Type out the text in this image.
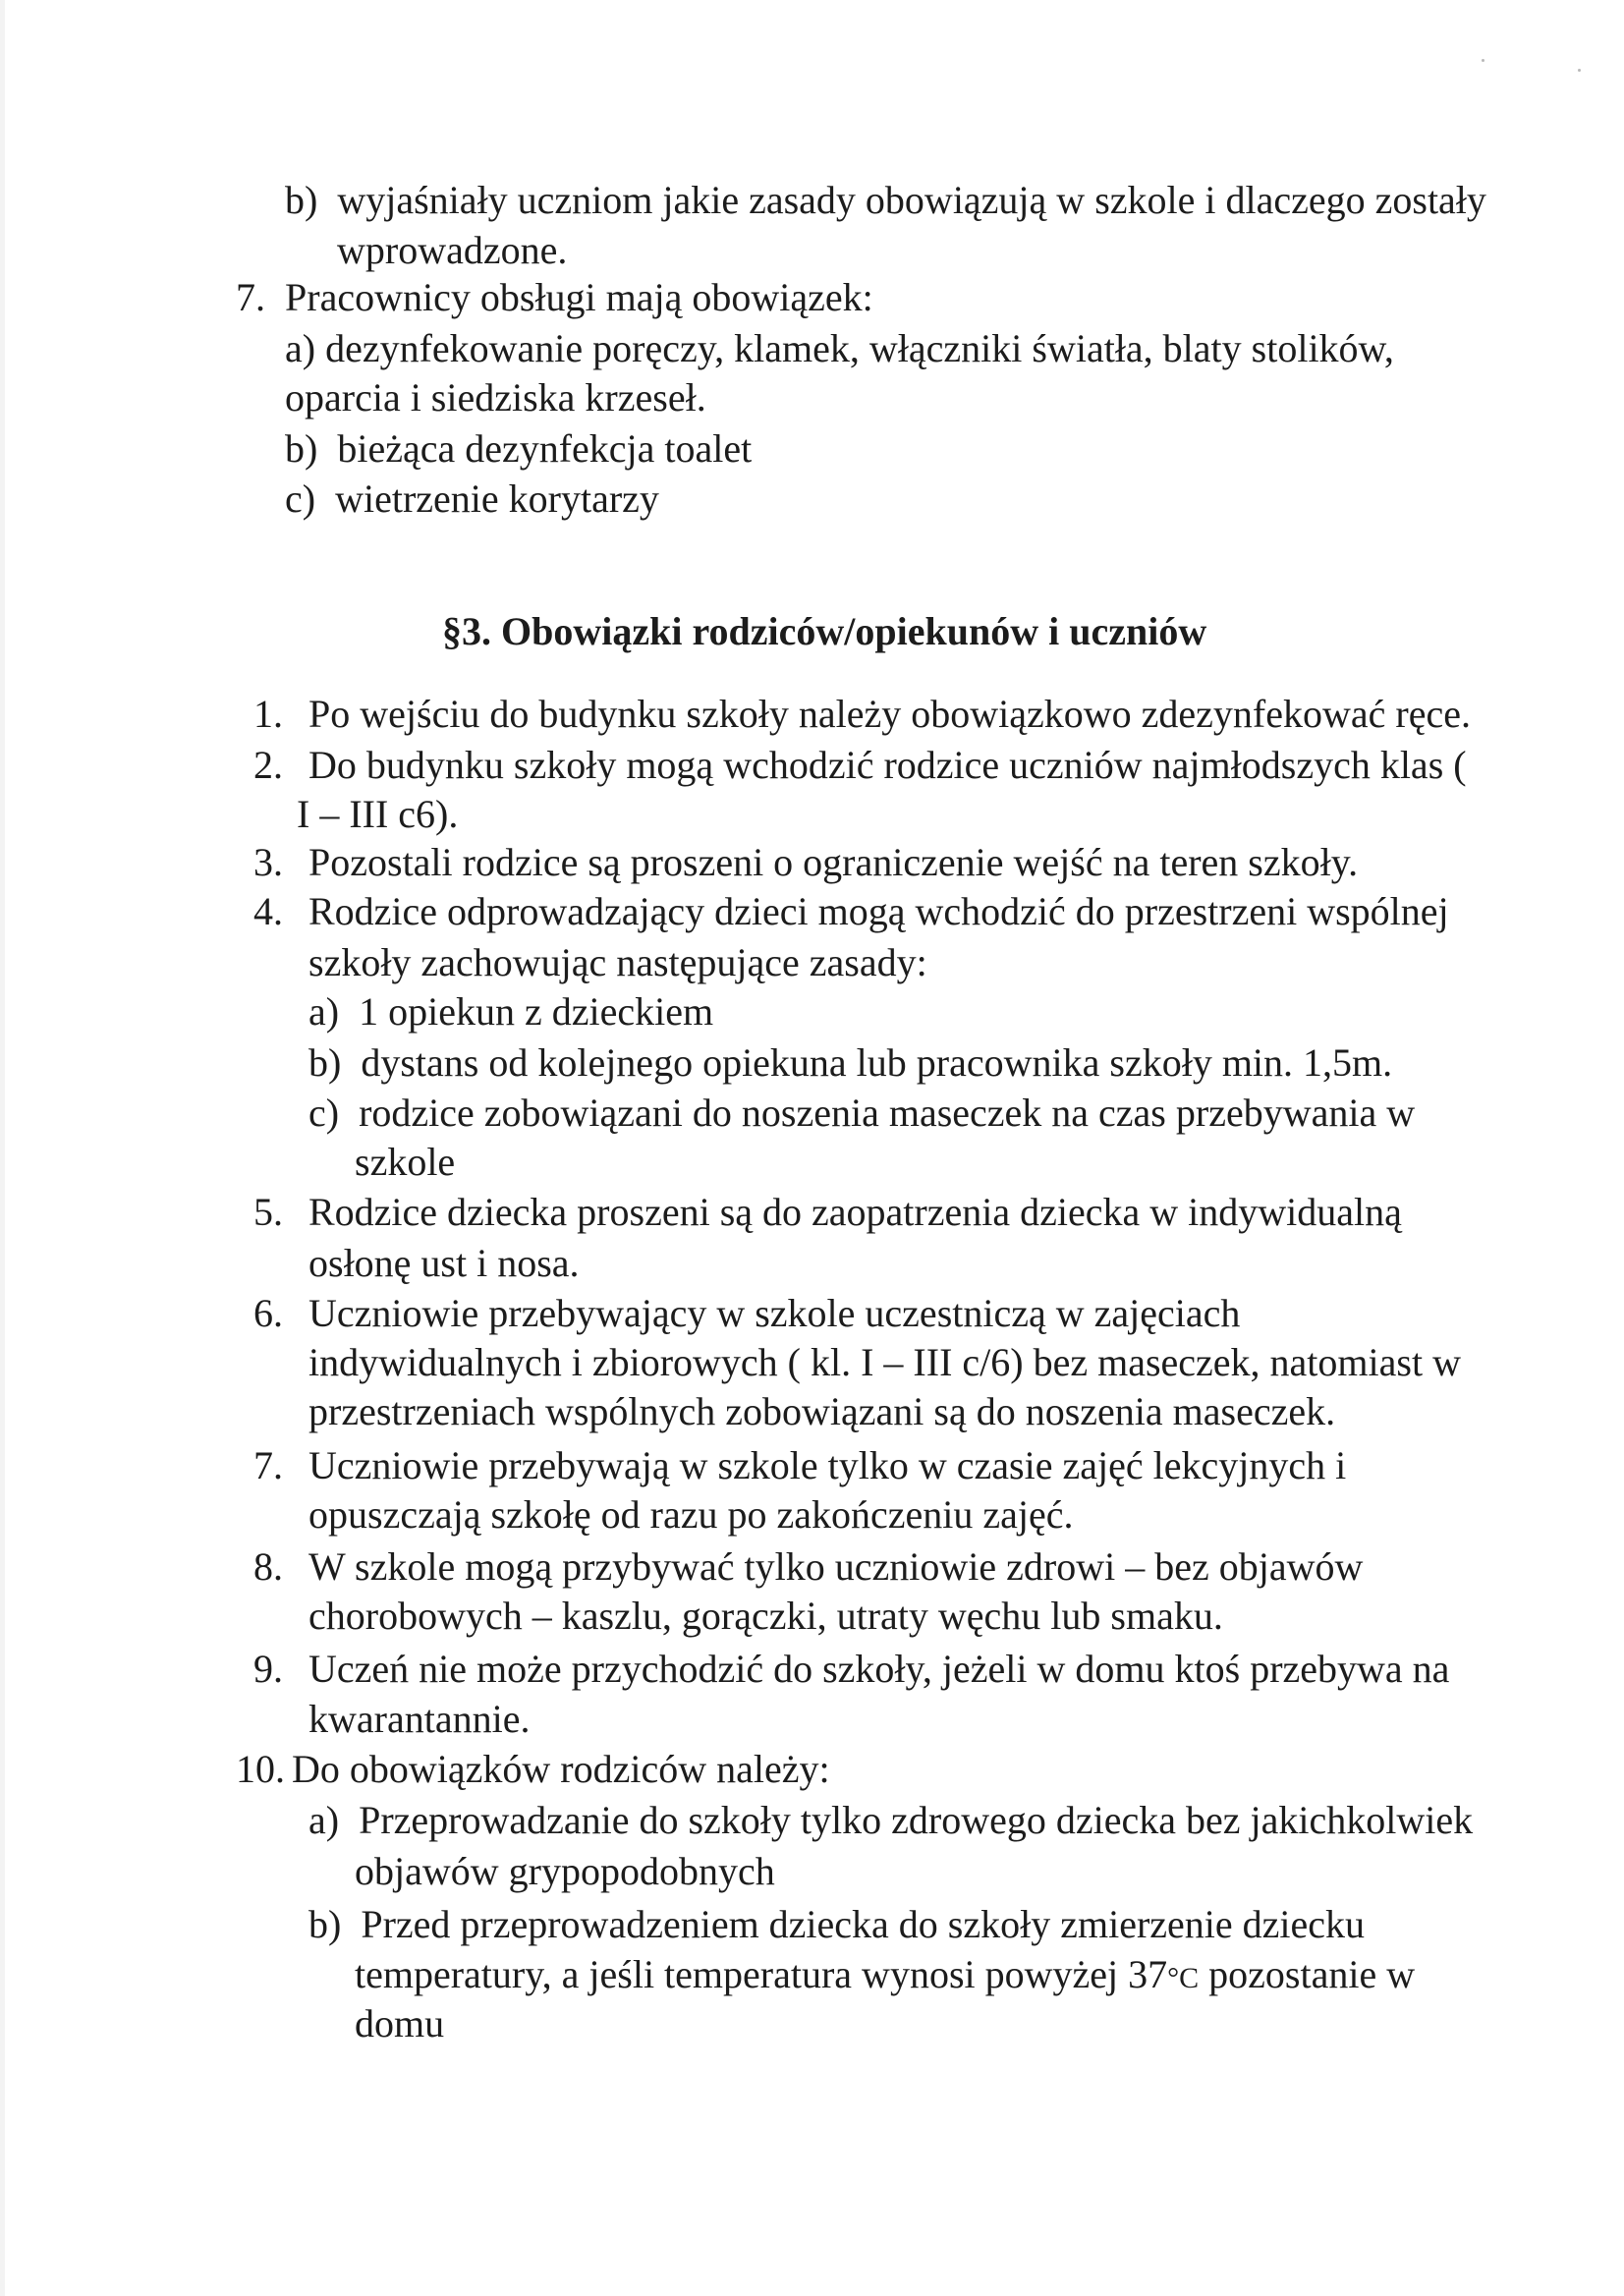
b) wyjaśniały uczniom jakie zasady obowiązują w szkole i dlaczego zostały
wprowadzone.
7. Pracownicy obsługi mają obowiązek:
a) dezynfekowanie poręczy, klamek, włączniki światła, blaty stolików,
oparcia i siedziska krzeseł.
b) bieżąca dezynfekcja toalet
c) wietrzenie korytarzy
§3. Obowiązki rodziców/opiekunów i uczniów
1. Po wejściu do budynku szkoły należy obowiązkowo zdezynfekować ręce.
2. Do budynku szkoły mogą wchodzić rodzice uczniów najmłodszych klas (
I – III c6).
3. Pozostali rodzice są proszeni o ograniczenie wejść na teren szkoły.
4. Rodzice odprowadzający dzieci mogą wchodzić do przestrzeni wspólnej
szkoły zachowując następujące zasady:
a) 1 opiekun z dzieckiem
b) dystans od kolejnego opiekuna lub pracownika szkoły min. 1,5m.
c) rodzice zobowiązani do noszenia maseczek na czas przebywania w
szkole
5. Rodzice dziecka proszeni są do zaopatrzenia dziecka w indywidualną
osłonę ust i nosa.
6. Uczniowie przebywający w szkole uczestniczą w zajęciach
indywidualnych i zbiorowych ( kl. I – III c/6) bez maseczek, natomiast w
przestrzeniach wspólnych zobowiązani są do noszenia maseczek.
7. Uczniowie przebywają w szkole tylko w czasie zajęć lekcyjnych i
opuszczają szkołę od razu po zakończeniu zajęć.
8. W szkole mogą przybywać tylko uczniowie zdrowi – bez objawów
chorobowych – kaszlu, gorączki, utraty węchu lub smaku.
9. Uczeń nie może przychodzić do szkoły, jeżeli w domu ktoś przebywa na
kwarantannie.
10. Do obowiązków rodziców należy:
a) Przeprowadzanie do szkoły tylko zdrowego dziecka bez jakichkolwiek
objawów grypopodobnych
b) Przed przeprowadzeniem dziecka do szkoły zmierzenie dziecku
temperatury, a jeśli temperatura wynosi powyżej 37°C pozostanie w
domu
